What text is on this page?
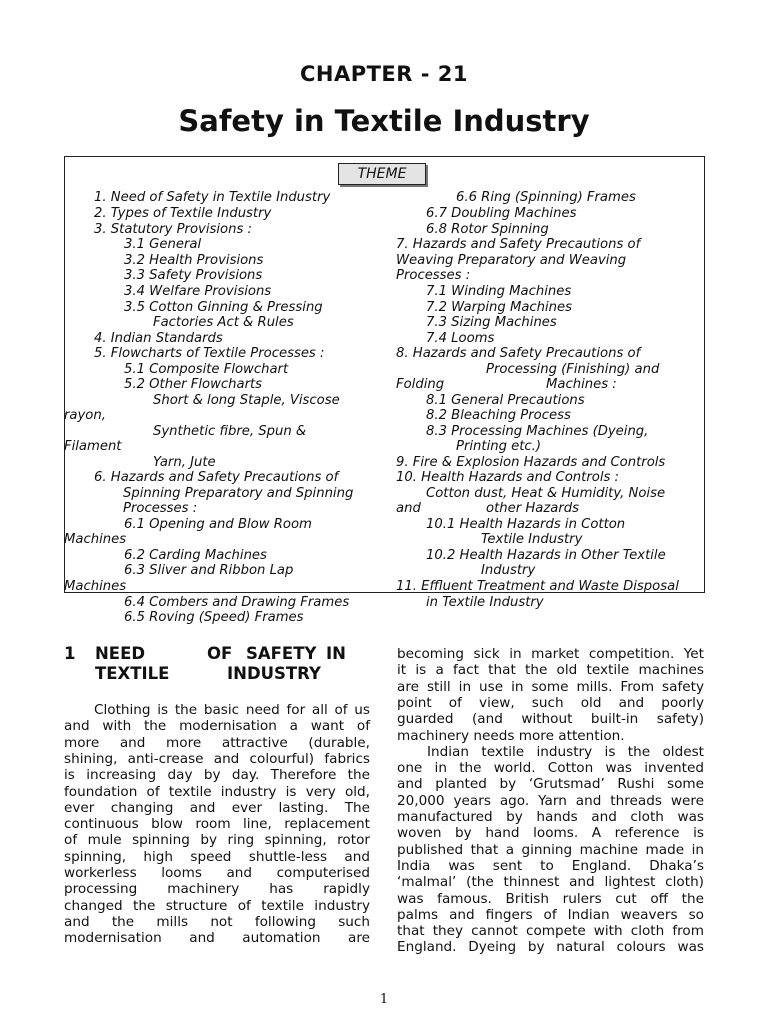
CHAPTER - 21
Safety in Textile Industry
THEME
1. Need of Safety in Textile Industry
2. Types of Textile Industry
3. Statutory Provisions :
3.1 General
3.2 Health Provisions
3.3 Safety Provisions
3.4 Welfare Provisions
3.5 Cotton Ginning & Pressing
Factories Act & Rules
4. Indian Standards
5. Flowcharts of Textile Processes :
5.1 Composite Flowchart
5.2 Other Flowcharts
Short & long Staple, Viscose
rayon,
Synthetic fibre, Spun &
Filament
Yarn, Jute
6. Hazards and Safety Precautions of
Spinning Preparatory and Spinning
Processes :
6.1 Opening and Blow Room
Machines
6.2 Carding Machines
6.3 Sliver and Ribbon Lap
Machines
6.4 Combers and Drawing Frames
6.5 Roving (Speed) Frames
6.6 Ring (Spinning) Frames
6.7 Doubling Machines
6.8 Rotor Spinning
7. Hazards and Safety Precautions of
Weaving Preparatory and Weaving
Processes :
7.1 Winding Machines
7.2 Warping Machines
7.3 Sizing Machines
7.4 Looms
8. Hazards and Safety Precautions of
Processing (Finishing) and
Folding	Machines :
8.1 General Precautions
8.2 Bleaching Process
8.3 Processing Machines (Dyeing,
Printing etc.)
9. Fire & Explosion Hazards and Controls
10. Health Hazards and Controls :
Cotton dust, Heat & Humidity, Noise
and	other Hazards
10.1 Health Hazards in Cotton
Textile Industry
10.2 Health Hazards in Other Textile
Industry
11. Effluent Treatment and Waste Disposal
in Textile Industry
1 NEED	OF SAFETY IN
TEXTILE	INDUSTRY
Clothing is the basic need for all of us
and with the modernisation a want of
more and more attractive (durable,
shining, anti-crease and colourful) fabrics
is increasing day by day. Therefore the
foundation of textile industry is very old,
ever changing and ever lasting. The
continuous blow room line, replacement
of mule spinning by ring spinning, rotor
spinning, high speed shuttle-less and
workerless looms and computerised
processing machinery has rapidly
changed the structure of textile industry
and the mills not following such
modernisation and automation are
becoming sick in market competition. Yet
it is a fact that the old textile machines
are still in use in some mills. From safety
point of view, such old and poorly
guarded (and without built-in safety)
machinery needs more attention.
Indian textile industry is the oldest
one in the world. Cotton was invented
and planted by ‘Grutsmad’ Rushi some
20,000 years ago. Yarn and threads were
manufactured by hands and cloth was
woven by hand looms. A reference is
published that a ginning machine made in
India was sent to England. Dhaka’s
‘malmal’ (the thinnest and lightest cloth)
was famous. British rulers cut off the
palms and fingers of Indian weavers so
that they cannot compete with cloth from
England. Dyeing by natural colours was
1
